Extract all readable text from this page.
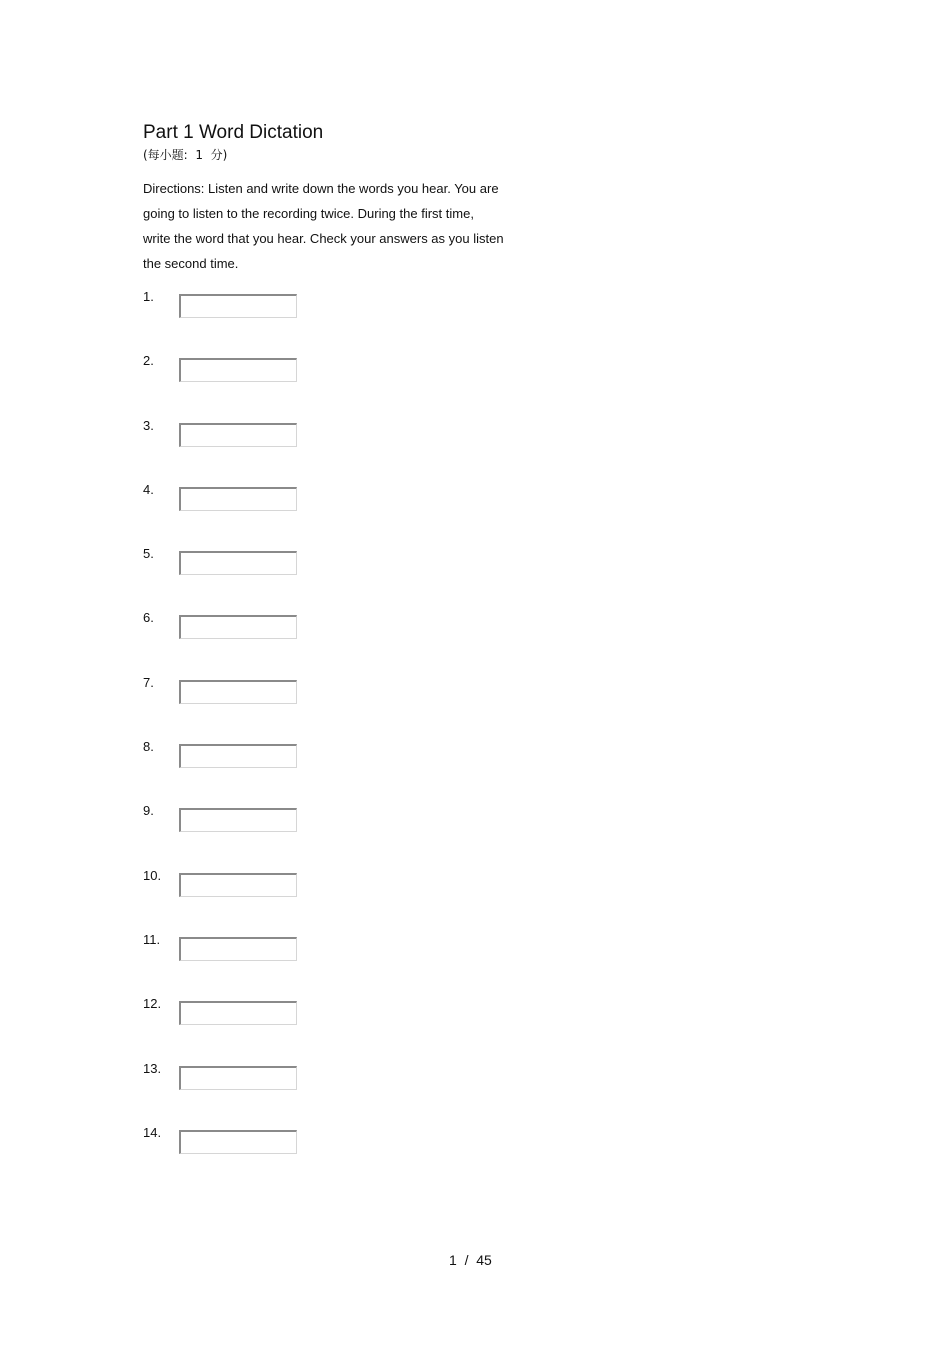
Part 1 Word Dictation
(每小题:  1  分)
Directions: Listen and write down the words you hear. You are
going to listen to the recording twice. During the first time,
write the word that you hear. Check your answers as you listen
the second time.
1.
2.
3.
4.
5.
6.
7.
8.
9.
10.
11.
12.
13.
14.
1  /  45
